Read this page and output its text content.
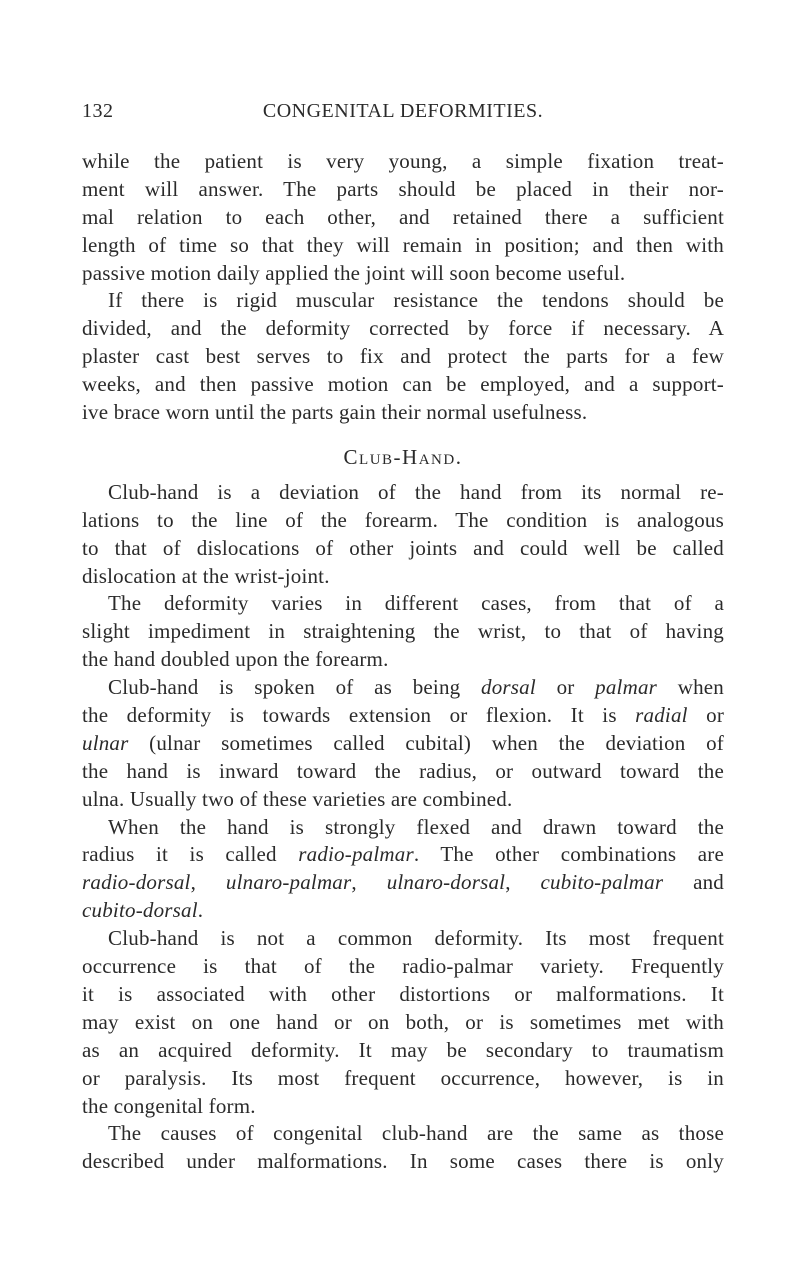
132	CONGENITAL DEFORMITIES.
while the patient is very young, a simple fixation treat-
ment will answer. The parts should be placed in their nor-
mal relation to each other, and retained there a sufficient
length of time so that they will remain in position; and then with
passive motion daily applied the joint will soon become useful.
If there is rigid muscular resistance the tendons should be
divided, and the deformity corrected by force if necessary. A
plaster cast best serves to fix and protect the parts for a few
weeks, and then passive motion can be employed, and a support-
ive brace worn until the parts gain their normal usefulness.
Club-Hand.
Club-hand is a deviation of the hand from its normal re-
lations to the line of the forearm. The condition is analogous
to that of dislocations of other joints and could well be called
dislocation at the wrist-joint.
The deformity varies in different cases, from that of a
slight impediment in straightening the wrist, to that of having
the hand doubled upon the forearm.
Club-hand is spoken of as being dorsal or palmar when
the deformity is towards extension or flexion. It is radial or
ulnar (ulnar sometimes called cubital) when the deviation of
the hand is inward toward the radius, or outward toward the
ulna. Usually two of these varieties are combined.
When the hand is strongly flexed and drawn toward the
radius it is called radio-palmar. The other combinations are
radio-dorsal, ulnaro-palmar, ulnaro-dorsal, cubito-palmar and
cubito-dorsal.
Club-hand is not a common deformity. Its most frequent
occurrence is that of the radio-palmar variety. Frequently
it is associated with other distortions or malformations. It
may exist on one hand or on both, or is sometimes met with
as an acquired deformity. It may be secondary to traumatism
or paralysis. Its most frequent occurrence, however, is in
the congenital form.
The causes of congenital club-hand are the same as those
described under malformations. In some cases there is only
